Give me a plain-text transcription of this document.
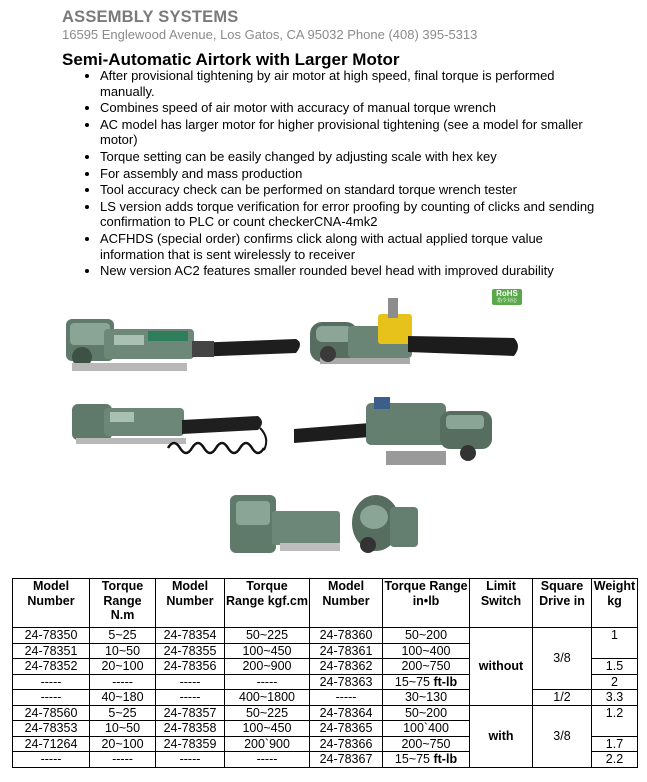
ASSEMBLY SYSTEMS
16595 Englewood Avenue, Los Gatos, CA 95032 Phone (408) 395-5313
Semi-Automatic Airtork with Larger Motor
• After provisional tightening by air motor at high speed, final torque is performed manually.
• Combines speed of air motor with accuracy of manual torque wrench
• AC model has larger motor for higher provisional tightening (see a model for smaller motor)
• Torque setting can be easily changed by adjusting scale with hex key
• For assembly and mass production
• Tool accuracy check can be performed on standard torque wrench tester
• LS version adds torque verification for error proofing by counting of clicks and sending confirmation to PLC or count checkerCNA-4mk2
• ACFHDS (special order) confirms click along with actual applied torque value information that is sent wirelessly to receiver
• New version AC2 features smaller rounded bevel head with improved durability
RoHS
指令対応
Model Number	Torque Range N.m	Model Number	Torque Range kgf.cm	Model Number	Torque Range in•lb	Limit Switch	Square Drive in	Weight kg
24-78350	5~25	24-78354	50~225	24-78360	50~200	without	3/8	1
24-78351	10~50	24-78355	100~450	24-78361	100~400			
24-78352	20~100	24-78356	200~900	24-78362	200~750			1.5
-----	-----	-----	-----	24-78363	15~75 ft-lb			2
-----	40~180	-----	400~1800	-----	30~130		1/2	3.3
24-78560	5~25	24-78357	50~225	24-78364	50~200	with	3/8	1.2
24-78353	10~50	24-78358	100~450	24-78365	100`400			
24-71264	20~100	24-78359	200`900	24-78366	200~750			1.7
-----	-----	-----	-----	24-78367	15~75 ft-lb			2.2
